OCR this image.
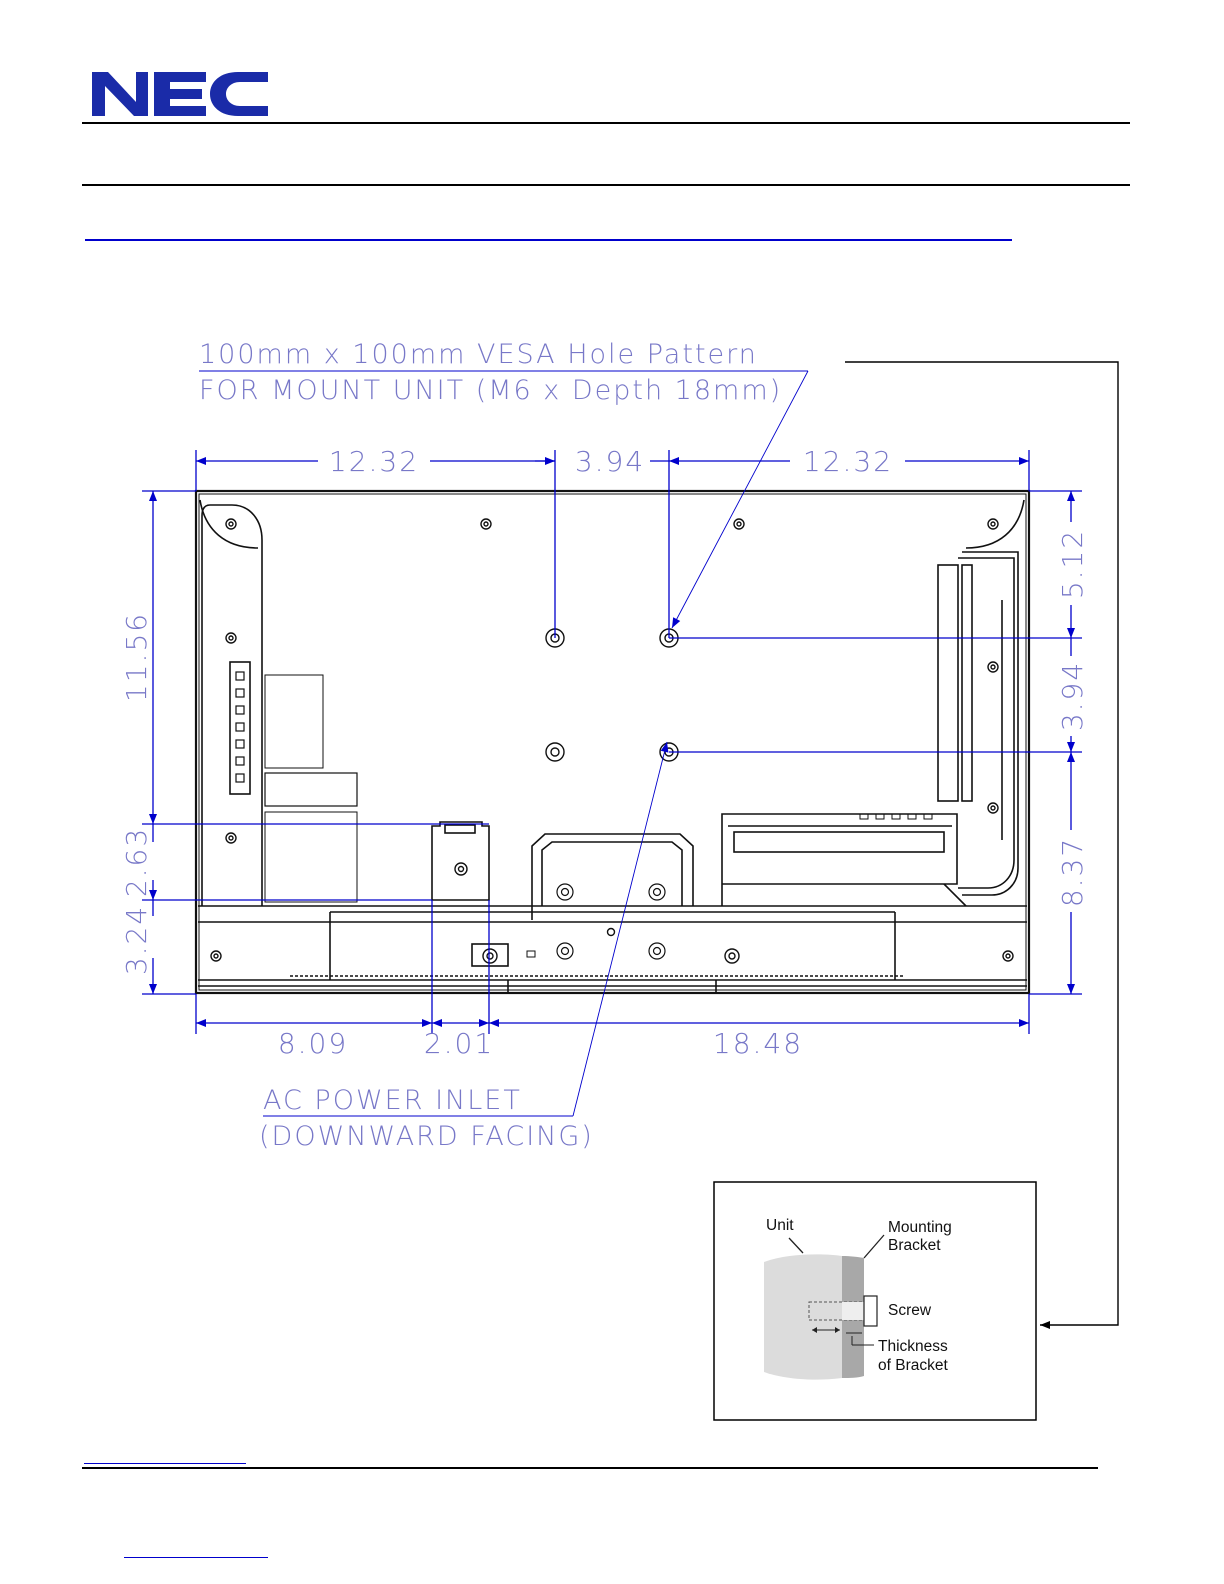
12.32	3.94	12.32
11.56
2.63
3.24
5.12
3.94
8.37
8.09	2.01	18.48
100mm x 100mm VESA Hole Pattern
FOR MOUNT UNIT (M6 x Depth 18mm)
AC POWER INLET
(DOWNWARD FACING)
Unit	Mounting
Bracket
Screw
Thickness
of Bracket
